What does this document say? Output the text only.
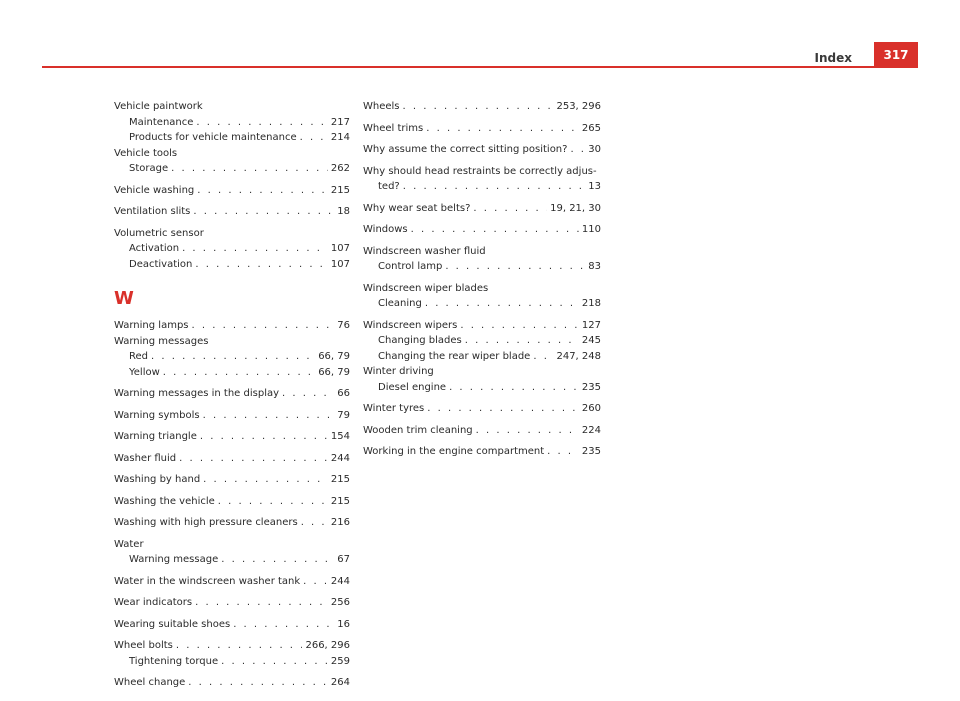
Index	317
Vehicle paintwork
Maintenance . . .	217
Products for vehicle maintenance . . .	214
Vehicle tools
Storage . . .	262
Vehicle washing . . .	215
Ventilation slits . . .	18
Volumetric sensor
Activation . . .	107
Deactivation . . .	107
W
Warning lamps . . .	76
Warning messages
Red . . .	66, 79
Yellow . . .	66, 79
Warning messages in the display . . .	66
Warning symbols . . .	79
Warning triangle . . .	154
Washer fluid . . .	244
Washing by hand . . .	215
Washing the vehicle . . .	215
Washing with high pressure cleaners . . .	216
Water
Warning message . . .	67
Water in the windscreen washer tank . . .	244
Wear indicators . . .	256
Wearing suitable shoes . . .	16
Wheel bolts . . .	266, 296
Tightening torque . . .	259
Wheel change . . .	264
Wheels . . .	253, 296
Wheel trims . . .	265
Why assume the correct sitting position? . . . 30
Why should head restraints be correctly adjus-
ted? . . .	13
Why wear seat belts? . . .	19, 21, 30
Windows . . .	110
Windscreen washer fluid
Control lamp . . .	83
Windscreen wiper blades
Cleaning . . .	218
Windscreen wipers . . .	127
Changing blades . . .	245
Changing the rear wiper blade . . .	247, 248
Winter driving
Diesel engine . . .	235
Winter tyres . . .	260
Wooden trim cleaning . . .	224
Working in the engine compartment . . .	235
